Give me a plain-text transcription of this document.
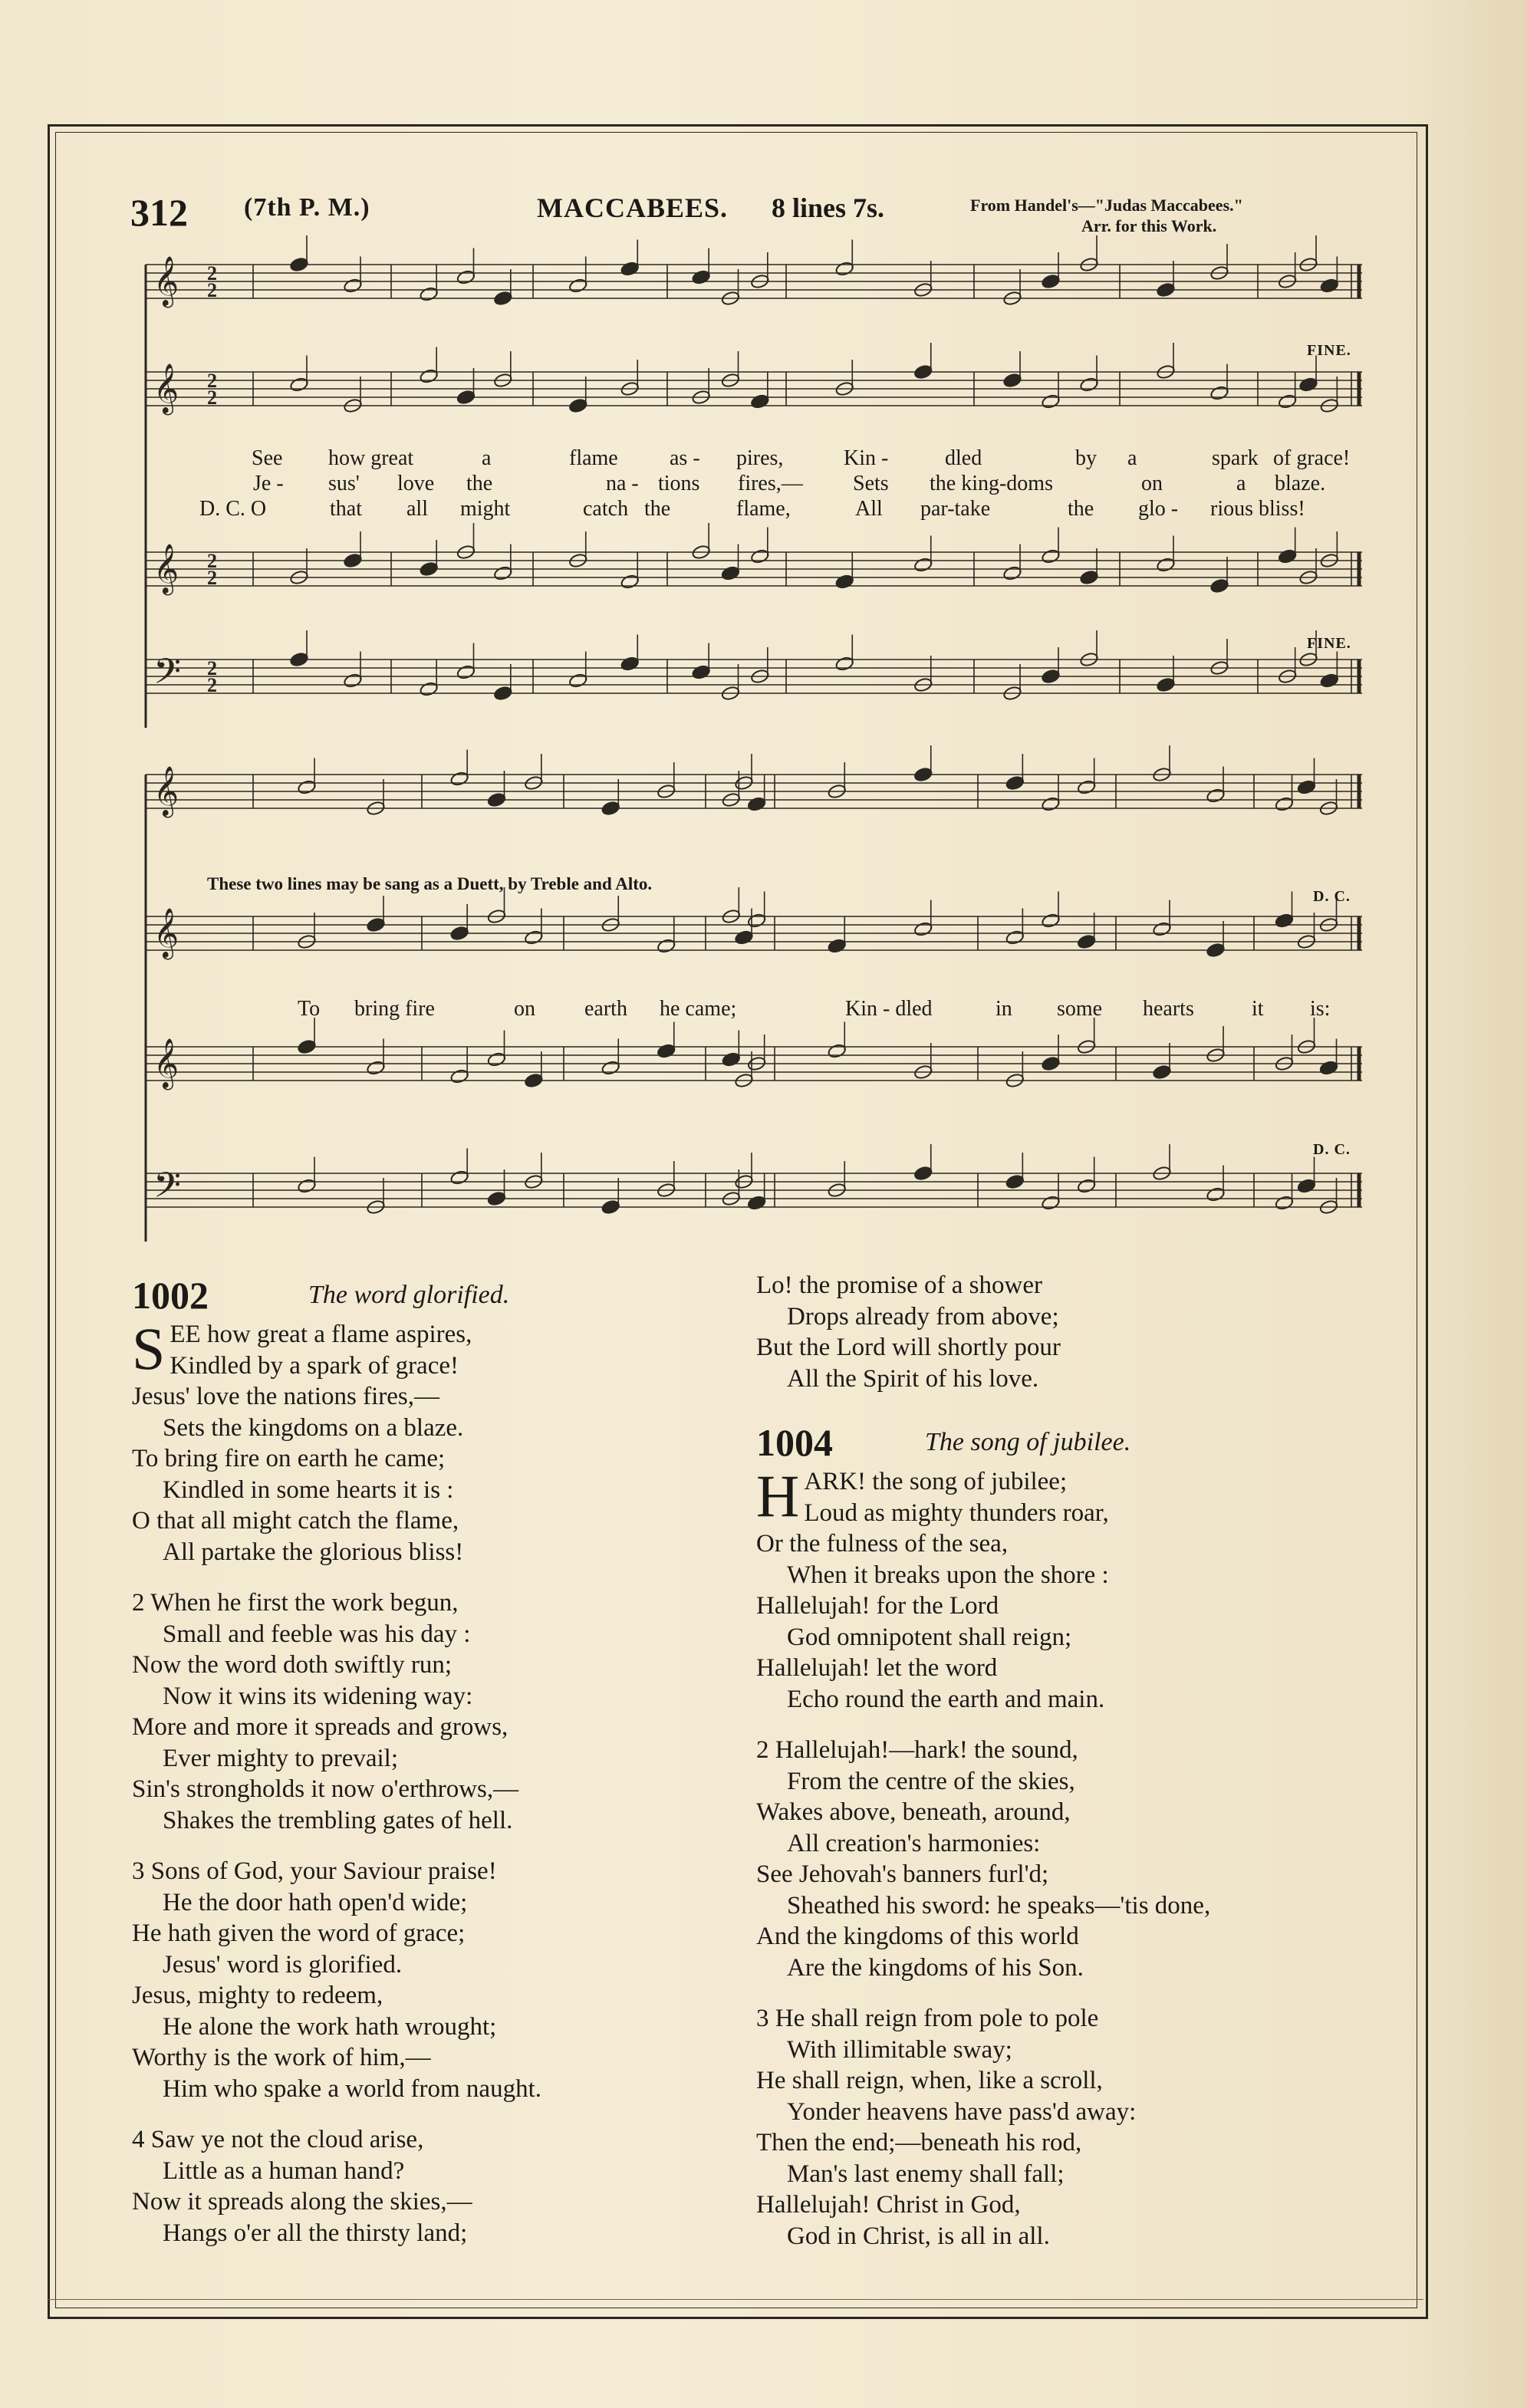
312 (7th P. M.)	MACCABEES. 8 lines 7s.	From Handel's—"Judas Maccabees."
Arr. for this Work.
𝄞 2
2
𝄞 2
2
𝄞 2
2
𝄢 2
2
𝄞
𝄞
𝄞
𝄢
FINE.
FINE.
D. C.
D. C.
These two lines may be sang as a Duett, by Treble and Alto.
See how great	a	flame as - pires,	Kin -	dled	by a	spark of grace!
Je - sus' love the	na - tions fires,— Sets the king-doms	on	a blaze.
D. C. O	that all might	catch the	flame,	All par-take	the glo - rious bliss!
To bring fire	on earth he came;	Kin - dled	in some hearts	it is:
1002	The word glorified.
SEE how great a flame aspires,
Kindled by a spark of grace!
Jesus' love the nations fires,—
Sets the kingdoms on a blaze.
To bring fire on earth he came;
Kindled in some hearts it is :
O that all might catch the flame,
All partake the glorious bliss!
2 When he first the work begun,
Small and feeble was his day :
Now the word doth swiftly run;
Now it wins its widening way:
More and more it spreads and grows,
Ever mighty to prevail;
Sin's strongholds it now o'erthrows,—
Shakes the trembling gates of hell.
3 Sons of God, your Saviour praise!
He the door hath open'd wide;
He hath given the word of grace;
Jesus' word is glorified.
Jesus, mighty to redeem,
He alone the work hath wrought;
Worthy is the work of him,—
Him who spake a world from naught.
4 Saw ye not the cloud arise,
Little as a human hand?
Now it spreads along the skies,—
Hangs o'er all the thirsty land;
Lo! the promise of a shower
Drops already from above;
But the Lord will shortly pour
All the Spirit of his love.
1004	The song of jubilee.
HARK! the song of jubilee;
Loud as mighty thunders roar,
Or the fulness of the sea,
When it breaks upon the shore :
Hallelujah! for the Lord
God omnipotent shall reign;
Hallelujah! let the word
Echo round the earth and main.
2 Hallelujah!—hark! the sound,
From the centre of the skies,
Wakes above, beneath, around,
All creation's harmonies:
See Jehovah's banners furl'd;
Sheathed his sword: he speaks—'tis done,
And the kingdoms of this world
Are the kingdoms of his Son.
3 He shall reign from pole to pole
With illimitable sway;
He shall reign, when, like a scroll,
Yonder heavens have pass'd away:
Then the end;—beneath his rod,
Man's last enemy shall fall;
Hallelujah! Christ in God,
God in Christ, is all in all.
